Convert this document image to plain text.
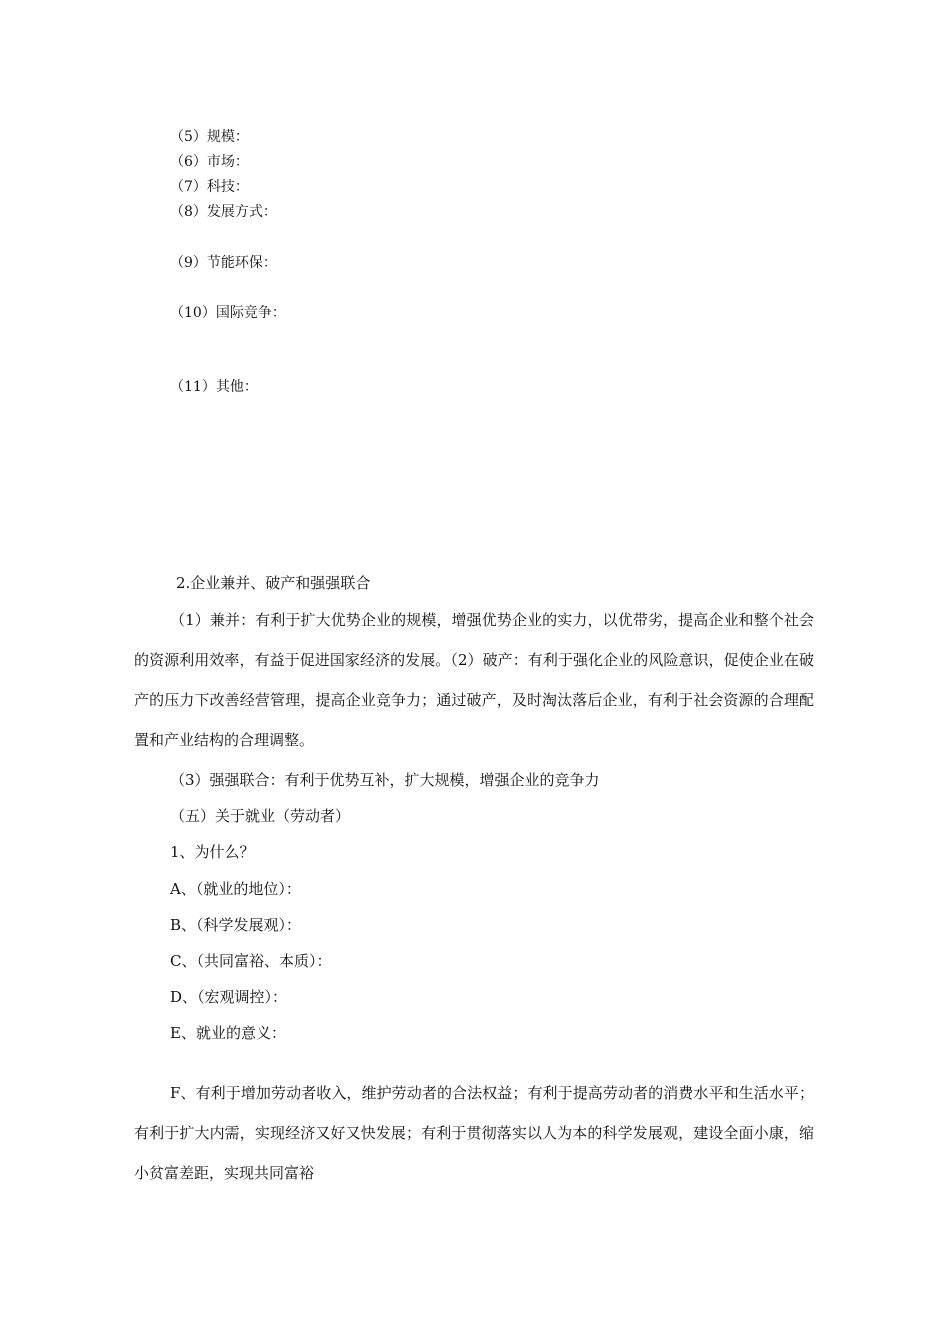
（5）规模：
（6）市场：
（7）科技：
（8）发展方式：
（9）节能环保：
（10）国际竞争：
（11）其他：
2.企业兼并、破产和强强联合
（1）兼并：有利于扩大优势企业的规模，增强优势企业的实力，以优带劣，提高企业和整个社会的资源利用效率，有益于促进国家经济的发展。（2）破产：有利于强化企业的风险意识，促使企业在破产的压力下改善经营管理，提高企业竞争力；通过破产，及时淘汰落后企业，有利于社会资源的合理配置和产业结构的合理调整。
（3）强强联合：有利于优势互补，扩大规模，增强企业的竞争力
（五）关于就业（劳动者）
1、为什么？
A、（就业的地位）：
B、（科学发展观）：
C、（共同富裕、本质）：
D、（宏观调控）：
E、就业的意义：
F、有利于增加劳动者收入，维护劳动者的合法权益；有利于提高劳动者的消费水平和生活水平；有利于扩大内需，实现经济又好又快发展；有利于贯彻落实以人为本的科学发展观，建设全面小康，缩小贫富差距，实现共同富裕
